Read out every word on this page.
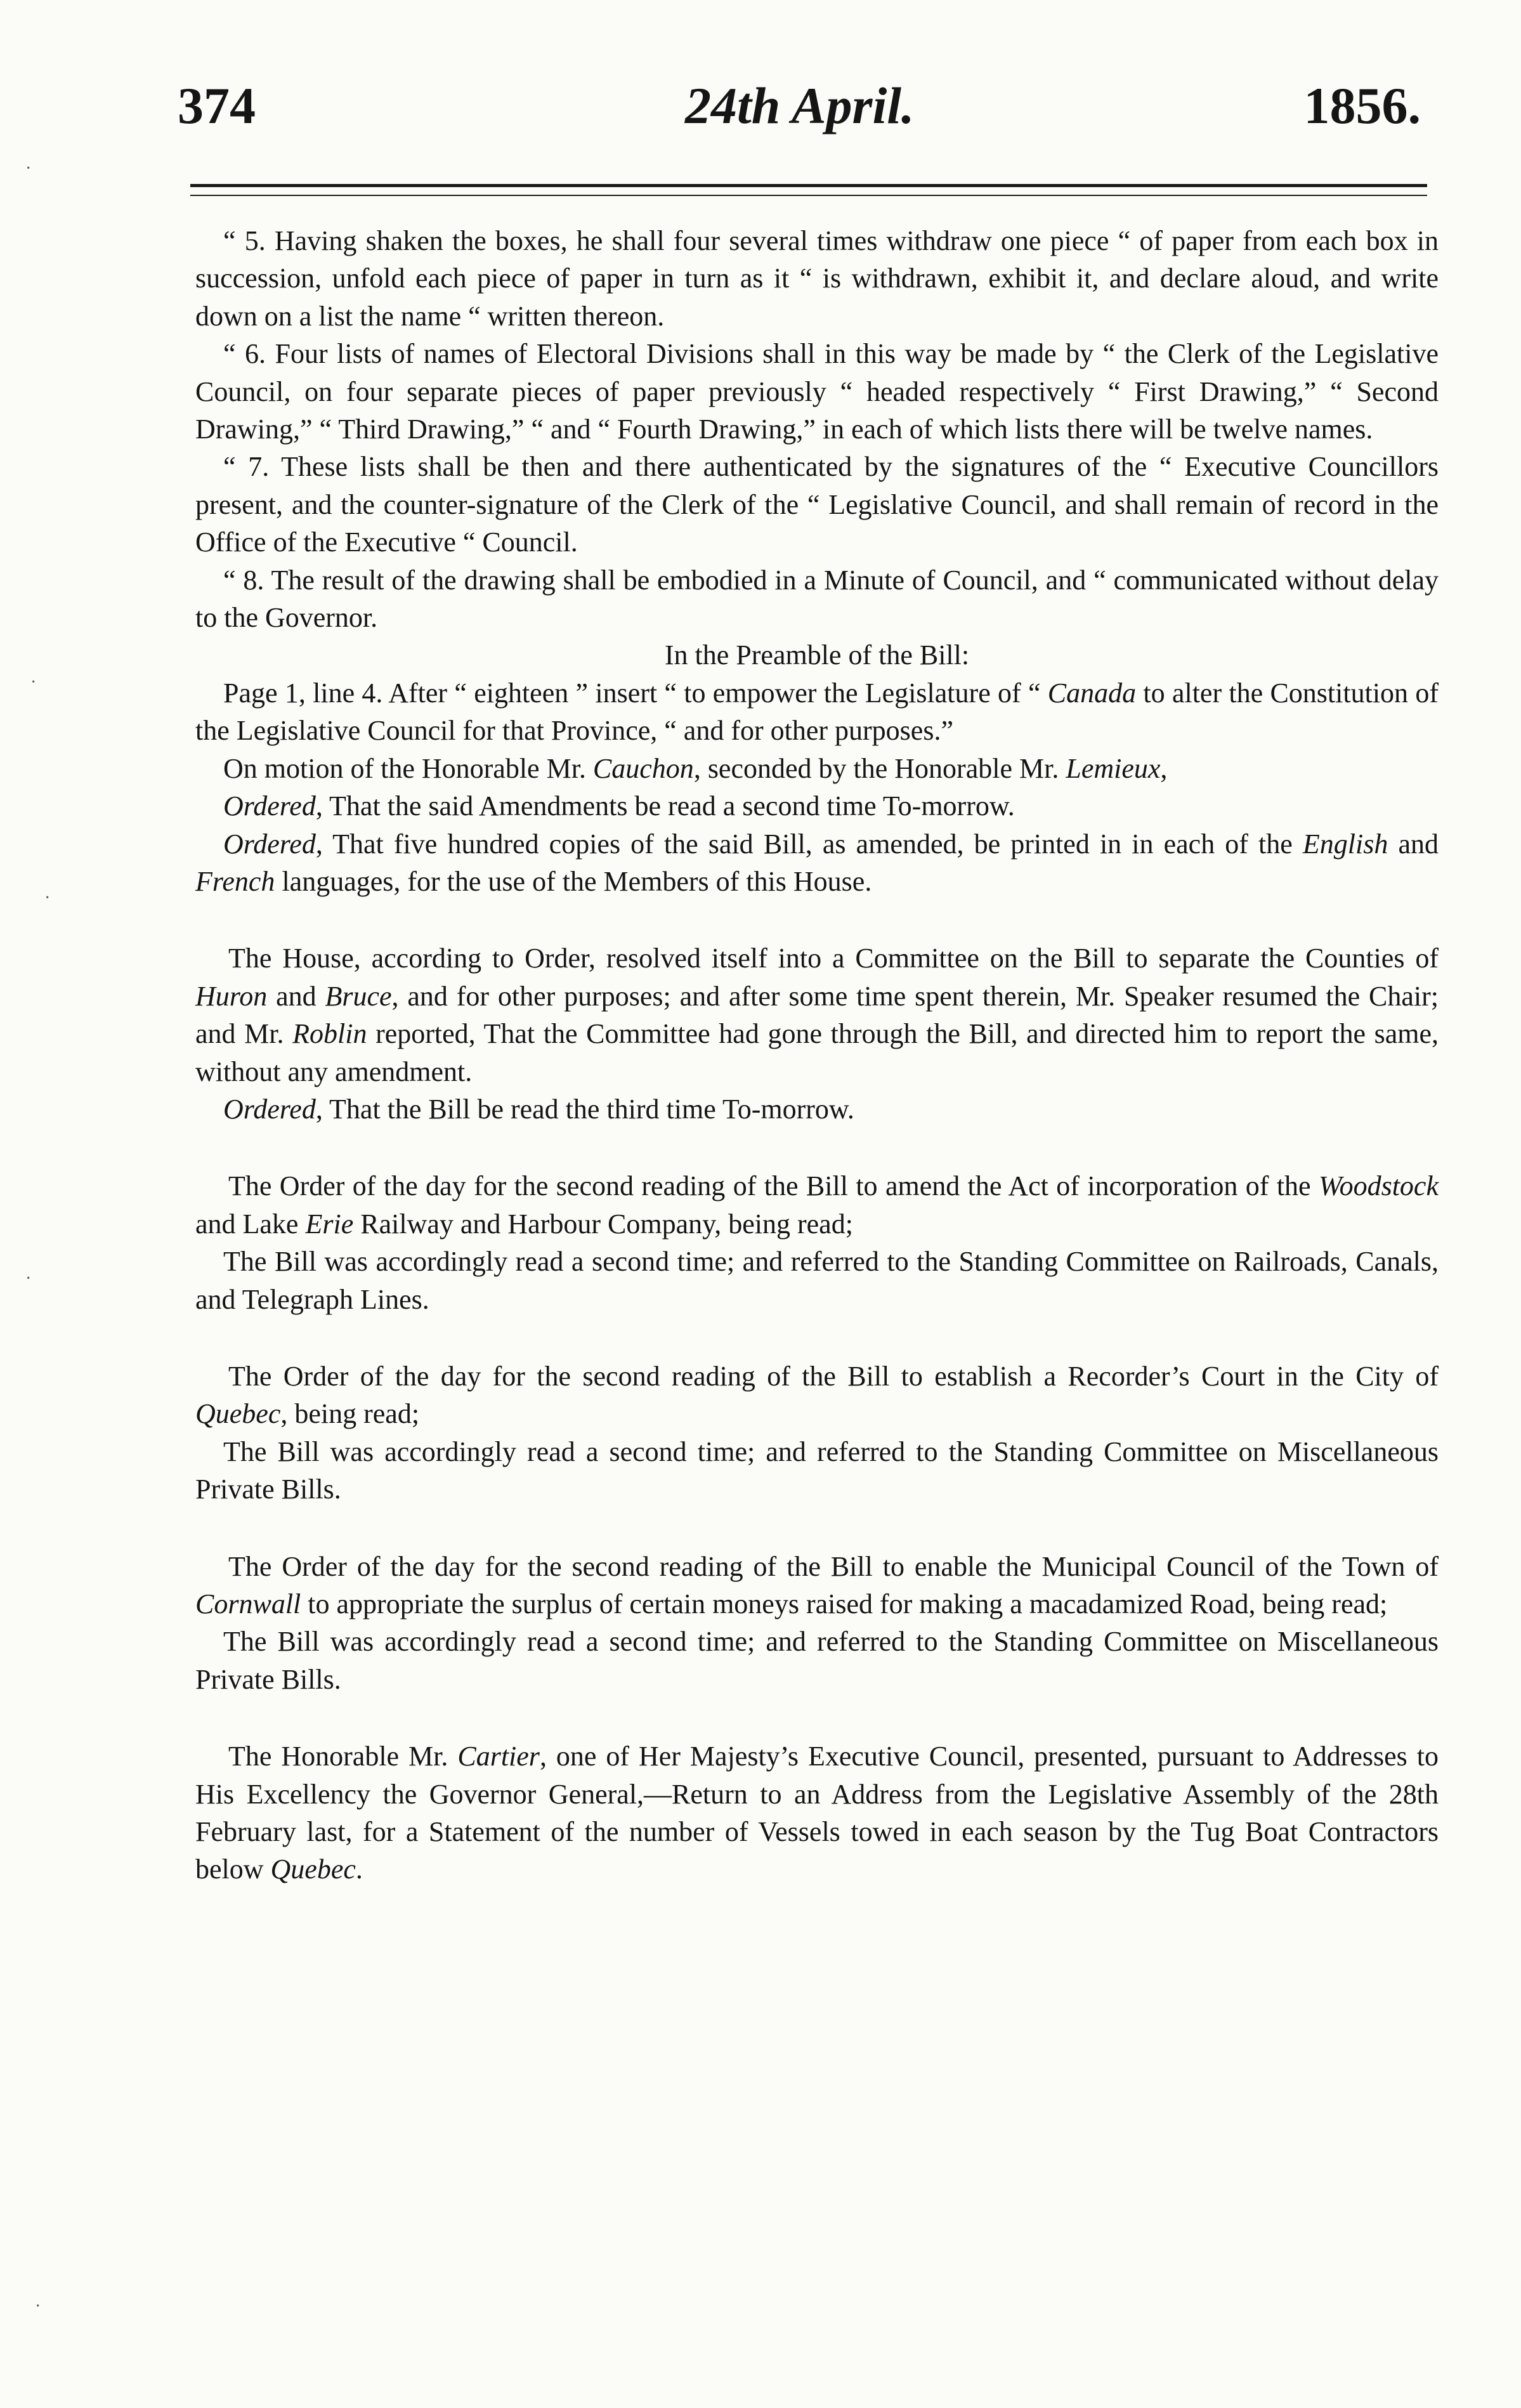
374	24th April.	1856.

“ 5. Having shaken the boxes, he shall four several times withdraw one piece “ of paper from each box in succession, unfold each piece of paper in turn as it “ is withdrawn, exhibit it, and declare aloud, and write down on a list the name “ written thereon.

“ 6. Four lists of names of Electoral Divisions shall in this way be made by “ the Clerk of the Legislative Council, on four separate pieces of paper previously “ headed respectively “ First Drawing,” “ Second Drawing,” “ Third Drawing,” “ and “ Fourth Drawing,” in each of which lists there will be twelve names.

“ 7. These lists shall be then and there authenticated by the signatures of the “ Executive Councillors present, and the counter-signature of the Clerk of the “ Legislative Council, and shall remain of record in the Office of the Executive “ Council.

“ 8. The result of the drawing shall be embodied in a Minute of Council, and “ communicated without delay to the Governor.

In the Preamble of the Bill:

Page 1, line 4. After “ eighteen ” insert “ to empower the Legislature of “ Canada to alter the Constitution of the Legislative Council for that Province, “ and for other purposes.”

On motion of the Honorable Mr. Cauchon, seconded by the Honorable Mr. Lemieux,

Ordered, That the said Amendments be read a second time To-morrow.

Ordered, That five hundred copies of the said Bill, as amended, be printed in in each of the English and French languages, for the use of the Members of this House.

The House, according to Order, resolved itself into a Committee on the Bill to separate the Counties of Huron and Bruce, and for other purposes; and after some time spent therein, Mr. Speaker resumed the Chair; and Mr. Roblin reported, That the Committee had gone through the Bill, and directed him to report the same, without any amendment.

Ordered, That the Bill be read the third time To-morrow.

The Order of the day for the second reading of the Bill to amend the Act of incorporation of the Woodstock and Lake Erie Railway and Harbour Company, being read;

The Bill was accordingly read a second time; and referred to the Standing Committee on Railroads, Canals, and Telegraph Lines.

The Order of the day for the second reading of the Bill to establish a Recorder’s Court in the City of Quebec, being read;

The Bill was accordingly read a second time; and referred to the Standing Committee on Miscellaneous Private Bills.

The Order of the day for the second reading of the Bill to enable the Municipal Council of the Town of Cornwall to appropriate the surplus of certain moneys raised for making a macadamized Road, being read;

The Bill was accordingly read a second time; and referred to the Standing Committee on Miscellaneous Private Bills.

The Honorable Mr. Cartier, one of Her Majesty’s Executive Council, presented, pursuant to Addresses to His Excellency the Governor General,—Return to an Address from the Legislative Assembly of the 28th February last, for a Statement of the number of Vessels towed in each season by the Tug Boat Contractors below Quebec.

·
·
·
·
·
